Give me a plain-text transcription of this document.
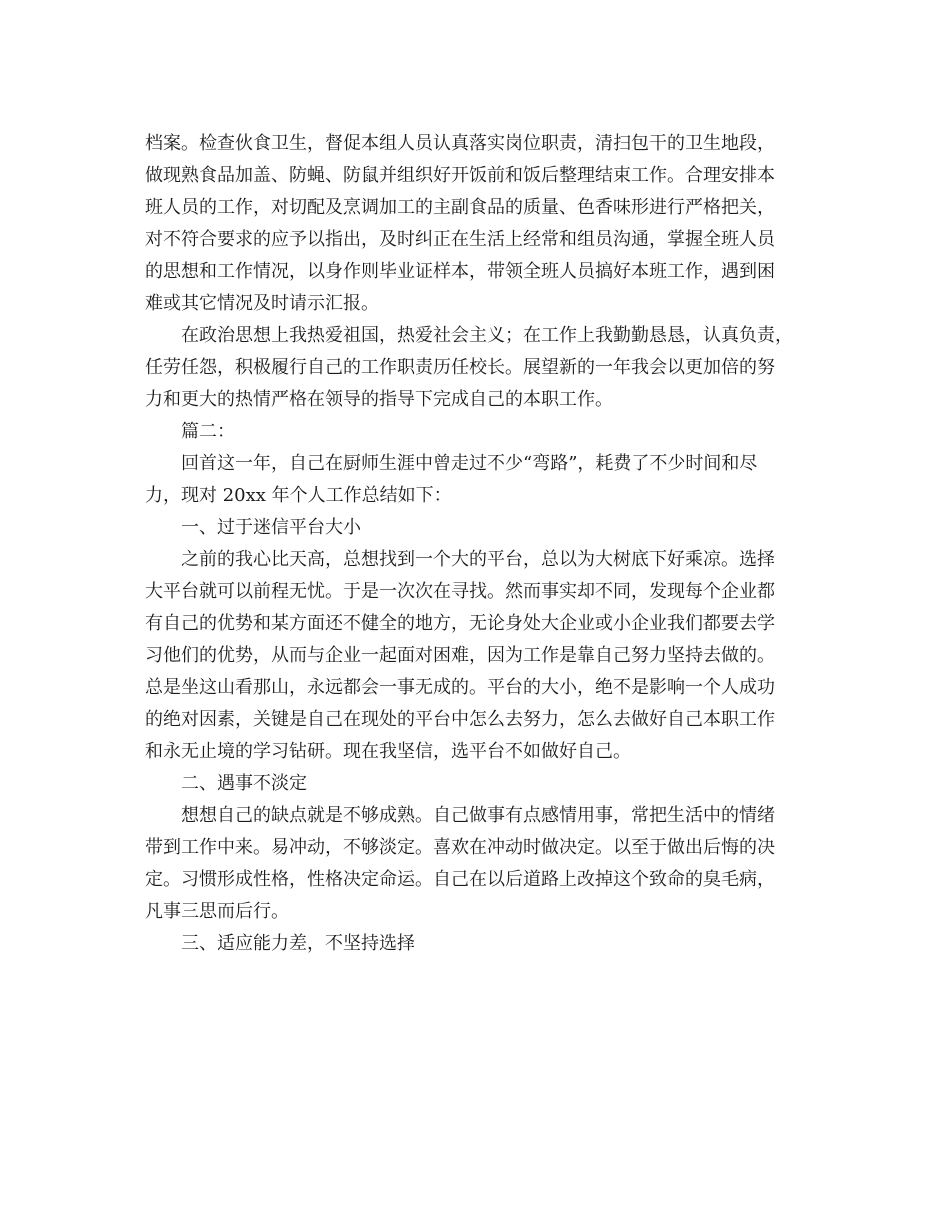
档案。检查伙食卫生，督促本组人员认真落实岗位职责，清扫包干的卫生地段，
做现熟食品加盖、防蝇、防鼠并组织好开饭前和饭后整理结束工作。合理安排本
班人员的工作，对切配及烹调加工的主副食品的质量、色香味形进行严格把关，
对不符合要求的应予以指出，及时纠正在生活上经常和组员沟通，掌握全班人员
的思想和工作情况，以身作则毕业证样本，带领全班人员搞好本班工作，遇到困
难或其它情况及时请示汇报。
在政治思想上我热爱祖国，热爱社会主义；在工作上我勤勤恳恳，认真负责，
任劳任怨，积极履行自己的工作职责历任校长。展望新的一年我会以更加倍的努
力和更大的热情严格在领导的指导下完成自己的本职工作。
篇二：
回首这一年，自己在厨师生涯中曾走过不少“弯路”，耗费了不少时间和尽
力，现对 20xx 年个人工作总结如下：
一、过于迷信平台大小
之前的我心比天高，总想找到一个大的平台，总以为大树底下好乘凉。选择
大平台就可以前程无忧。于是一次次在寻找。然而事实却不同，发现每个企业都
有自己的优势和某方面还不健全的地方，无论身处大企业或小企业我们都要去学
习他们的优势，从而与企业一起面对困难，因为工作是靠自己努力坚持去做的。
总是坐这山看那山，永远都会一事无成的。平台的大小，绝不是影响一个人成功
的绝对因素，关键是自己在现处的平台中怎么去努力，怎么去做好自己本职工作
和永无止境的学习钻研。现在我坚信，选平台不如做好自己。
二、遇事不淡定
想想自己的缺点就是不够成熟。自己做事有点感情用事，常把生活中的情绪
带到工作中来。易冲动，不够淡定。喜欢在冲动时做决定。以至于做出后悔的决
定。习惯形成性格，性格决定命运。自己在以后道路上改掉这个致命的臭毛病，
凡事三思而后行。
三、适应能力差，不坚持选择
